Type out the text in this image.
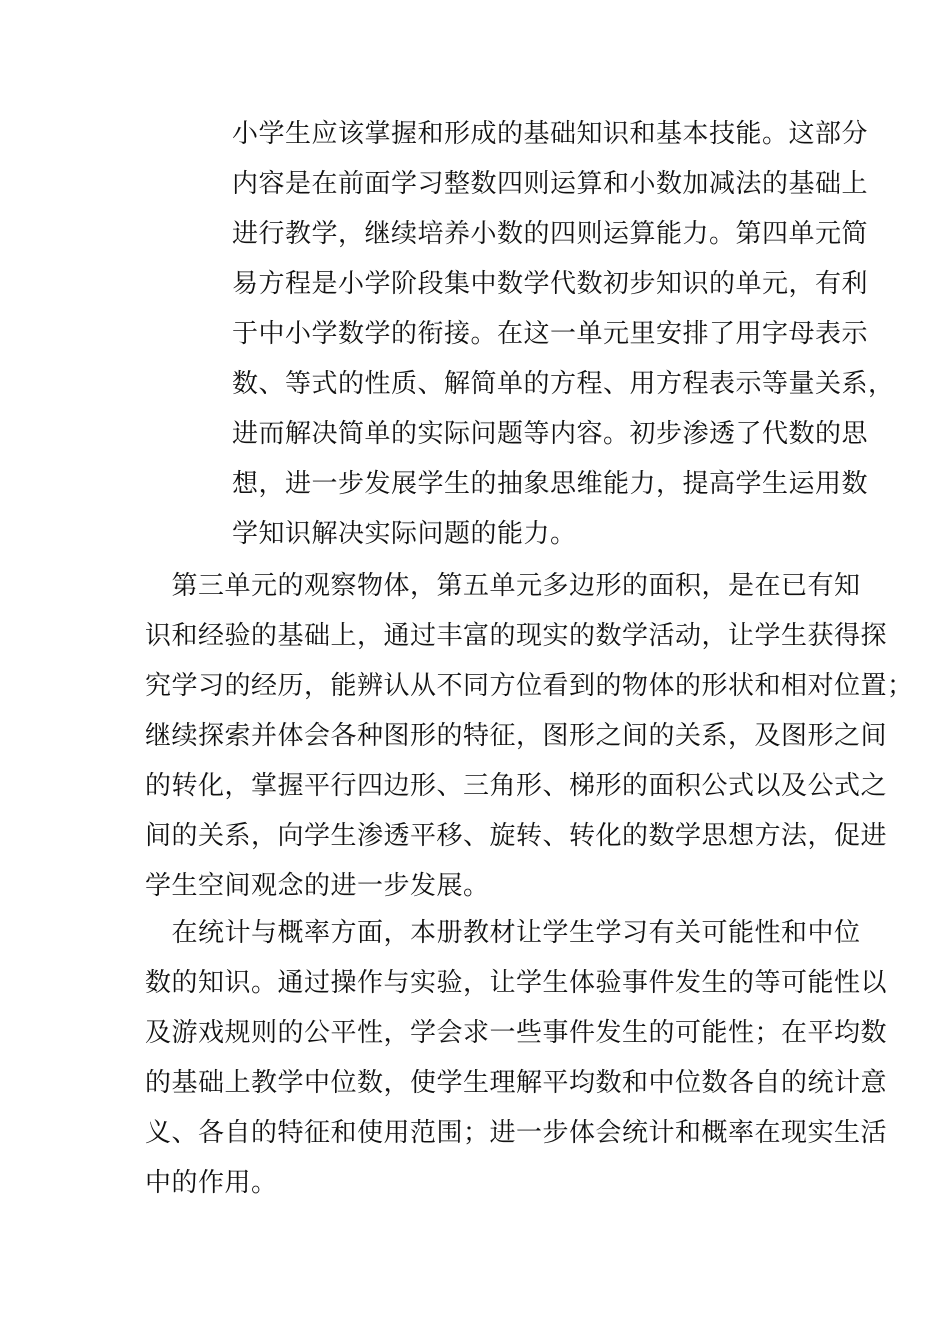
小学生应该掌握和形成的基础知识和基本技能。这部分
内容是在前面学习整数四则运算和小数加减法的基础上
进行教学，继续培养小数的四则运算能力。第四单元简
易方程是小学阶段集中数学代数初步知识的单元，有利
于中小学数学的衔接。在这一单元里安排了用字母表示
数、等式的性质、解简单的方程、用方程表示等量关系，
进而解决简单的实际问题等内容。初步渗透了代数的思
想，进一步发展学生的抽象思维能力，提高学生运用数
学知识解决实际问题的能力。
　第三单元的观察物体，第五单元多边形的面积，是在已有知
识和经验的基础上，通过丰富的现实的数学活动，让学生获得探
究学习的经历，能辨认从不同方位看到的物体的形状和相对位置；
继续探索并体会各种图形的特征，图形之间的关系，及图形之间
的转化，掌握平行四边形、三角形、梯形的面积公式以及公式之
间的关系，向学生渗透平移、旋转、转化的数学思想方法，促进
学生空间观念的进一步发展。
　在统计与概率方面，本册教材让学生学习有关可能性和中位
数的知识。通过操作与实验，让学生体验事件发生的等可能性以
及游戏规则的公平性，学会求一些事件发生的可能性；在平均数
的基础上教学中位数，使学生理解平均数和中位数各自的统计意
义、各自的特征和使用范围；进一步体会统计和概率在现实生活
中的作用。
